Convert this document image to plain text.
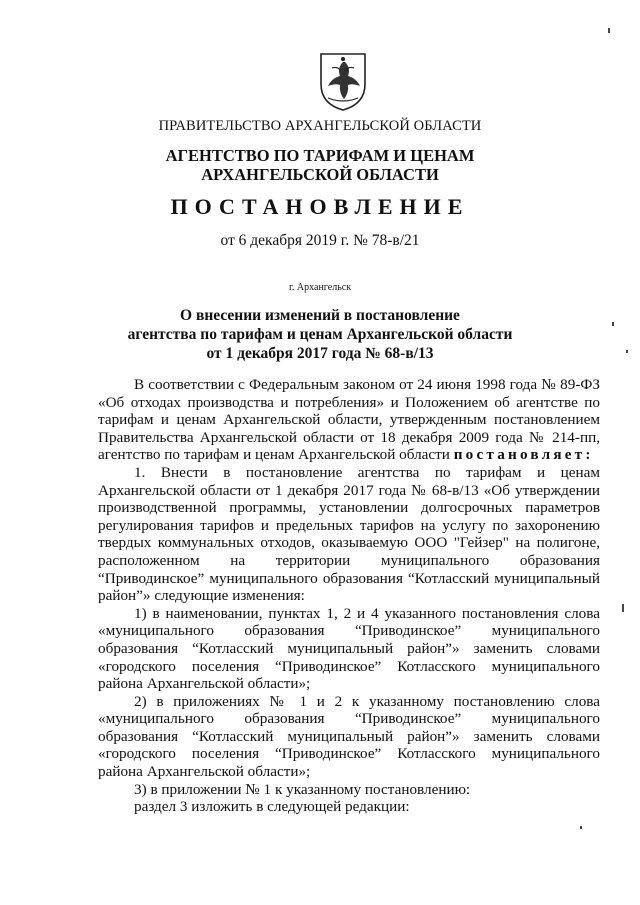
ПРАВИТЕЛЬСТВО АРХАНГЕЛЬСКОЙ ОБЛАСТИ
АГЕНТСТВО ПО ТАРИФАМ И ЦЕНАМ
АРХАНГЕЛЬСКОЙ ОБЛАСТИ
ПОСТАНОВЛЕНИЕ
от 6 декабря 2019 г. № 78-в/21
г. Архангельск
О внесении изменений в постановление
агентства по тарифам и ценам Архангельской области
от 1 декабря 2017 года № 68-в/13

В соответствии с Федеральным законом от 24 июня 1998 года № 89-ФЗ «Об отходах производства и потребления» и Положением об агентстве по тарифам и ценам Архангельской области, утвержденным постановлением Правительства Архангельской области от 18 декабря 2009 года № 214-пп, агентство по тарифам и ценам Архангельской области постановляет:

1. Внести в постановление агентства по тарифам и ценам Архангельской области от 1 декабря 2017 года № 68-в/13 «Об утверждении производственной программы, установлении долгосрочных параметров регулирования тарифов и предельных тарифов на услугу по захоронению твердых коммунальных отходов, оказываемую ООО "Гейзер" на полигоне, расположенном на территории муниципального образования “Приводинское” муниципального образования “Котласский муниципальный район”» следующие изменения:

1) в наименовании, пунктах 1, 2 и 4 указанного постановления слова «муниципального образования “Приводинское” муниципального образования “Котласский муниципальный район”» заменить словами «городского поселения “Приводинское” Котласского муниципального района Архангельской области»;

2) в приложениях № 1 и 2 к указанному постановлению слова «муниципального образования “Приводинское” муниципального образования “Котласский муниципальный район”» заменить словами «городского поселения “Приводинское” Котласского муниципального района Архангельской области»;

3) в приложении № 1 к указанному постановлению:

раздел 3 изложить в следующей редакции:
